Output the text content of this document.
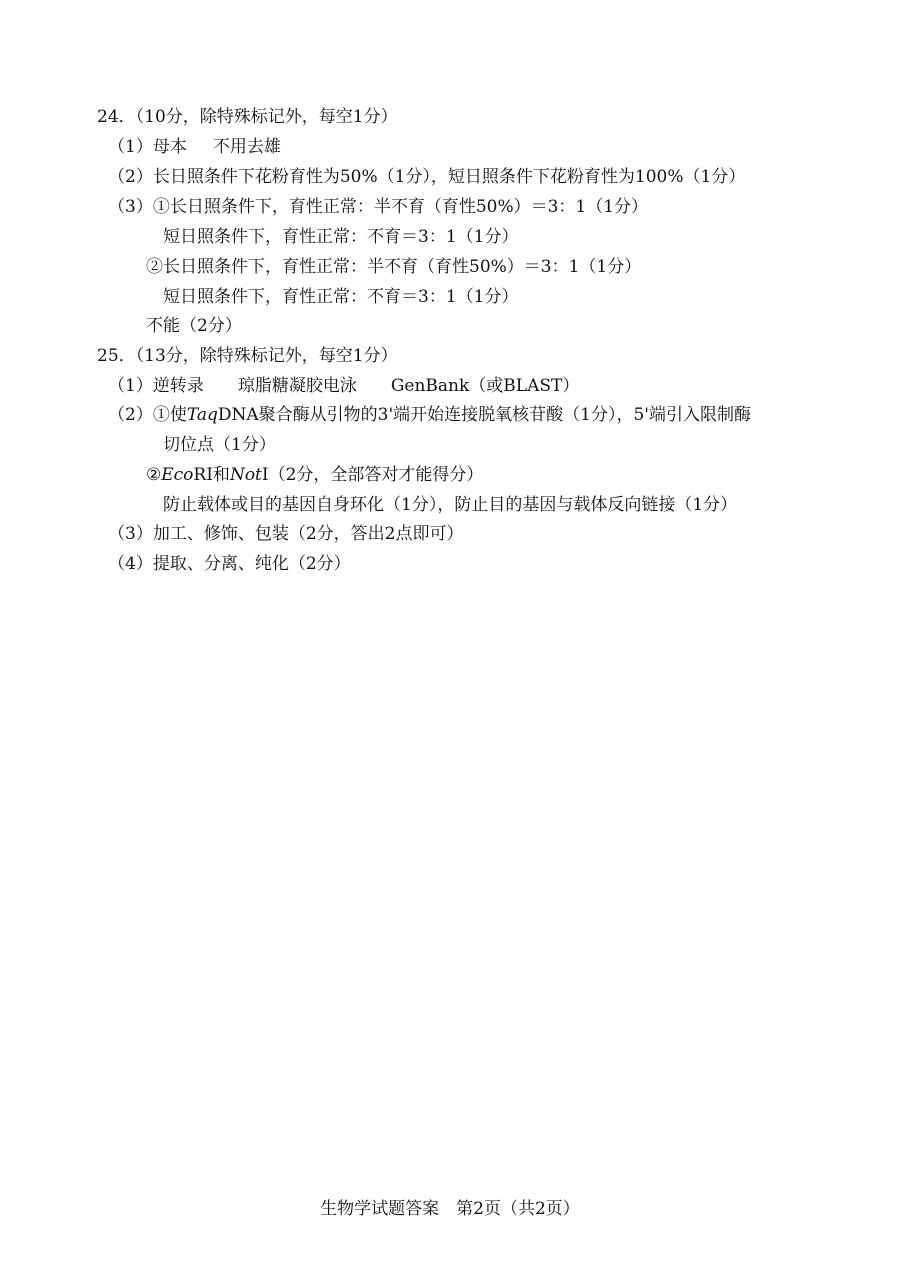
24．（10分，除特殊标记外，每空1分）
（1）母本 不用去雄
（2）长日照条件下花粉育性为50%（1分），短日照条件下花粉育性为100%（1分）
（3）①长日照条件下，育性正常：半不育（育性50%）＝3：1（1分）
短日照条件下，育性正常：不育＝3：1（1分）
②长日照条件下，育性正常：半不育（育性50%）＝3：1（1分）
短日照条件下，育性正常：不育＝3：1（1分）
不能（2分）
25．（13分，除特殊标记外，每空1分）
（1）逆转录 琼脂糖凝胶电泳 GenBank（或BLAST）
（2）①使TaqDNA聚合酶从引物的3'端开始连接脱氧核苷酸（1分），5'端引入限制酶
切位点（1分）
②EcoRⅠ和NotⅠ（2分，全部答对才能得分）
防止载体或目的基因自身环化（1分），防止目的基因与载体反向链接（1分）
（3）加工、修饰、包装（2分，答出2点即可）
（4）提取、分离、纯化（2分）
生物学试题答案　第2页（共2页）
